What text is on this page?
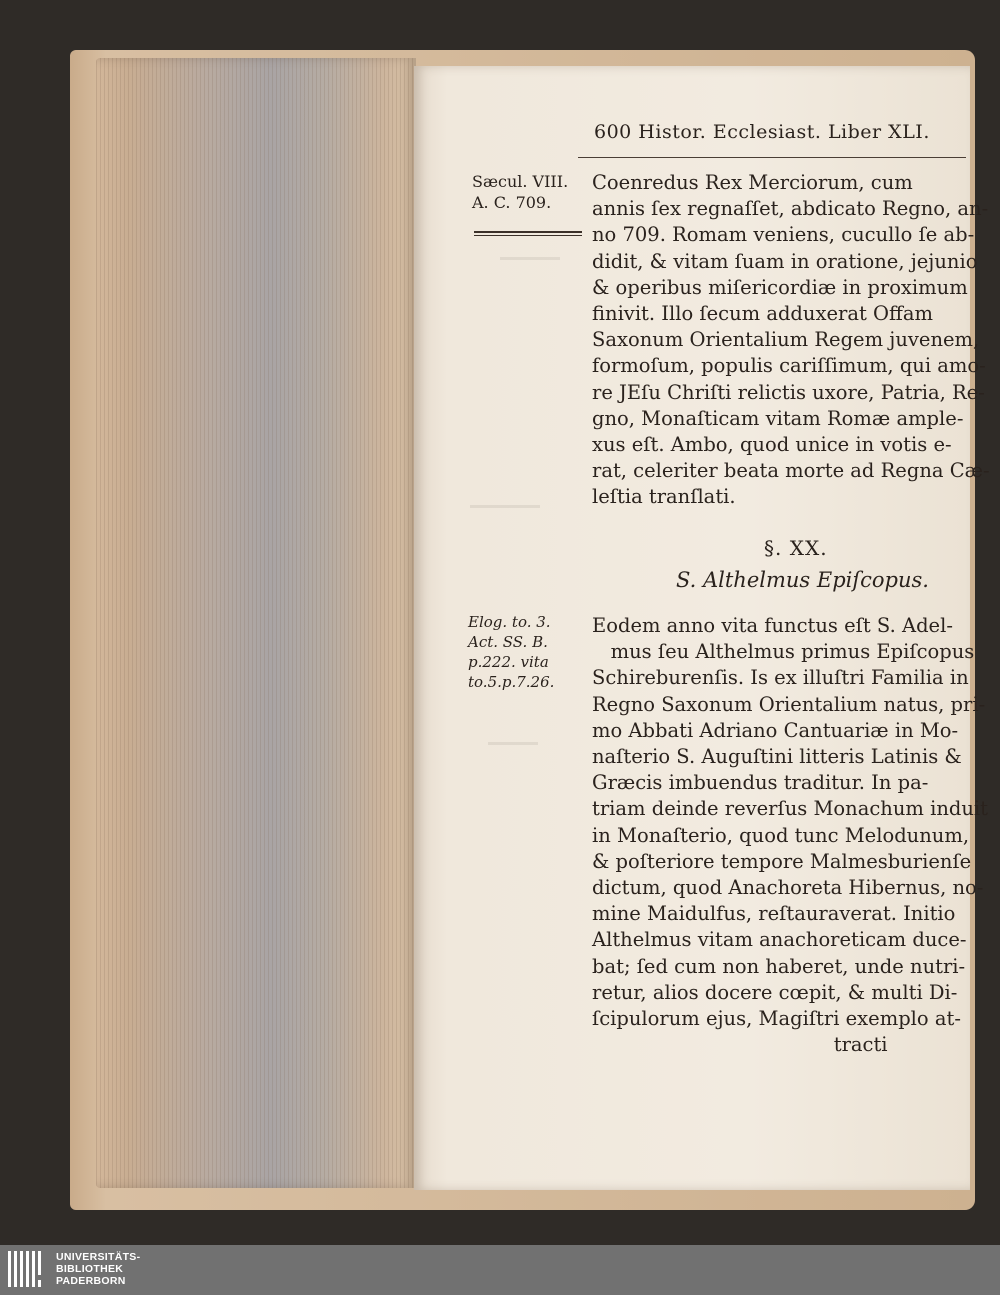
600 Histor. Ecclesiast. Liber XLI.
Sæcul. VIII.
A. C. 709.
Coenredus Rex Merciorum, cum
annis ſex regnaſſet, abdicato Regno, an-
no 709. Romam veniens, cucullo ſe ab-
didit, & vitam ſuam in oratione, jejunio
& operibus miſericordiæ in proximum
finivit. Illo ſecum adduxerat Offam
Saxonum Orientalium Regem juvenem,
formoſum, populis cariſſimum, qui amo-
re JEſu Chriſti relictis uxore, Patria, Re-
gno, Monaſticam vitam Romæ ample-
xus eſt. Ambo, quod unice in votis e-
rat, celeriter beata morte ad Regna Cæ-
leſtia tranſlati.
§. XX.
S. Althelmus Epiſcopus.
Elog. to. 3.
Act. SS. B.
p.222. vita
to.5.p.7.26.
Eodem anno vita functus eſt S. Adel-
mus ſeu Althelmus primus Epiſcopus
Schireburenſis. Is ex illuſtri Familia in
Regno Saxonum Orientalium natus, pri-
mo Abbati Adriano Cantuariæ in Mo-
naſterio S. Auguſtini litteris Latinis &
Græcis imbuendus traditur. In pa-
triam deinde reverſus Monachum induit
in Monaſterio, quod tunc Melodunum,
& poſteriore tempore Malmesburienſe
dictum, quod Anachoreta Hibernus, no-
mine Maidulfus, reſtauraverat. Initio
Althelmus vitam anachoreticam duce-
bat; ſed cum non haberet, unde nutri-
retur, alios docere cœpit, & multi Di-
ſcipulorum ejus, Magiſtri exemplo at-
tracti
UNIVERSITÄTS-
BIBLIOTHEK
PADERBORN
